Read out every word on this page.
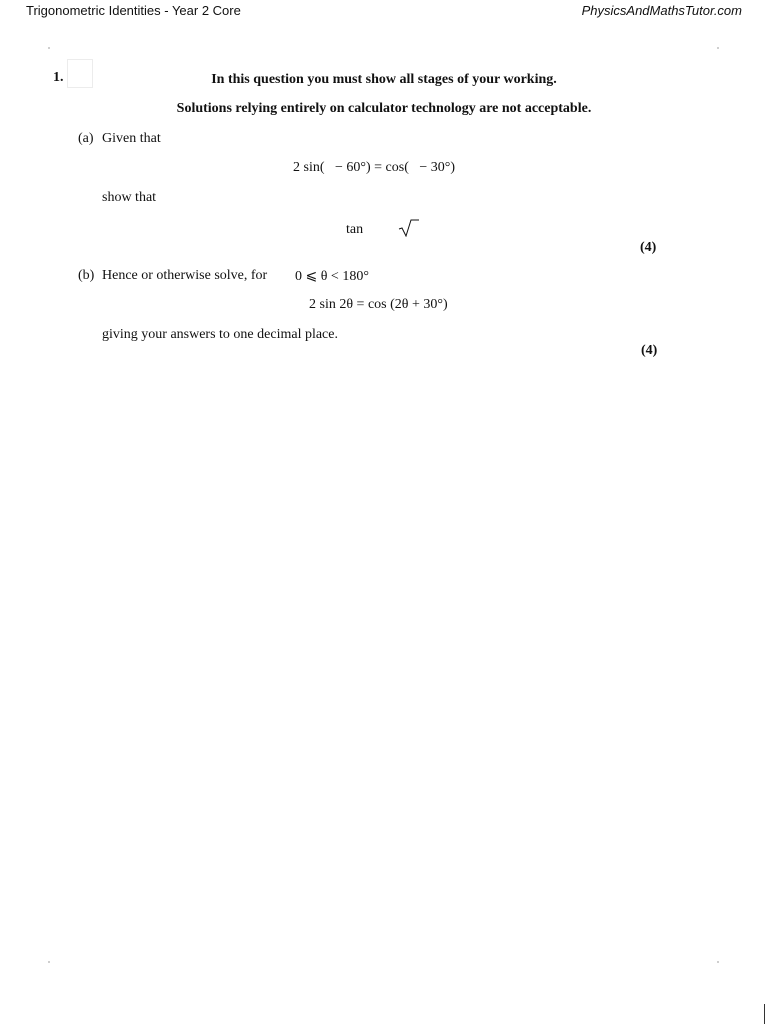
Trigonometric Identities - Year 2 Core	PhysicsAndMathsTutor.com
1.	In this question you must show all stages of your working.
Solutions relying entirely on calculator technology are not acceptable.
(a) Given that
2 sin(   − 60°) = cos(   − 30°)
show that
tan
(4)
(b) Hence or otherwise solve, for 0 ⩽ θ < 180°
2 sin 2θ = cos (2θ + 30°)
giving your answers to one decimal place.
(4)
